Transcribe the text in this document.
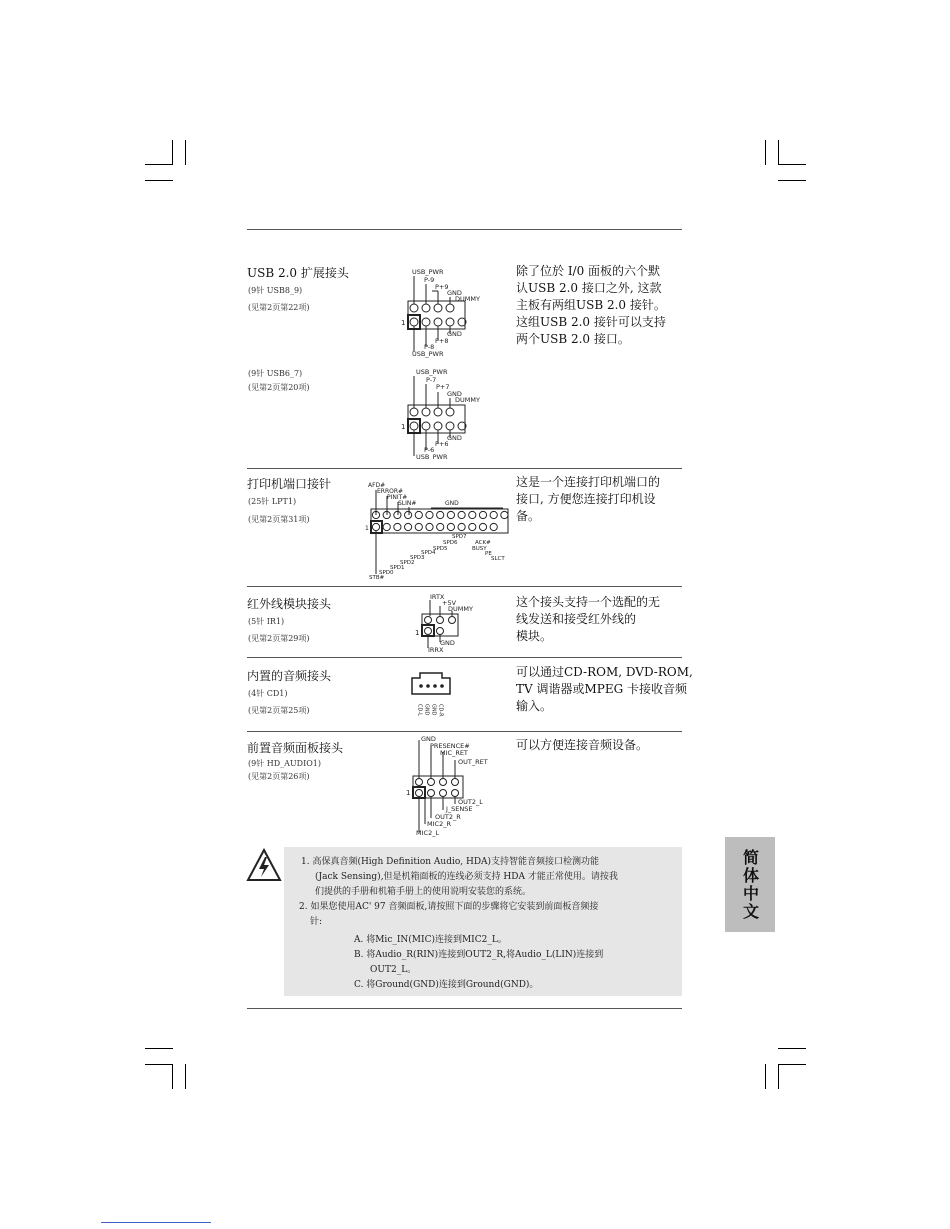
USB 2.0 扩展接头
(9针 USB8_9)
(见第2页第22项)
(9针 USB6_7)
(见第2页第20项)
除了位於 I/0 面板的六个默
认USB 2.0 接口之外, 这款
主板有两组USB 2.0 接针。
这组USB 2.0 接针可以支持
两个USB 2.0 接口。
USB_PWR
P-9
P+9
GND
DUMMY
GND
P+8
P-8
USB_PWR
1
USB_PWR
P-7
P+7
GND
DUMMY
GND
P+6
P-6
USB_PWR
1
打印机端口接针
(25针 LPT1)
(见第2页第31项)
这是一个连接打印机端口的
接口, 方便您连接打印机设
备。
AFD#
ERROR#
PINIT#
SLIN#	GND
SPD7
ACK#
SPD6
BUSY
SPD5
PE
SPD4
SLCT
SPD3
SPD2
SPD1
SPD0
STB#
1
红外线模块接头
(5针 IR1)
(见第2页第29项)
这个接头支持一个选配的无
线发送和接受红外线的
模块。
IRTX
+5V
DUMMY
GND
IRRX
1
内置的音频接头
(4针 CD1)
(见第2页第25项)
可以通过CD-ROM, DVD-ROM,
TV 调谐器或MPEG 卡接收音频
输入。
CD-L GND GND CD-R
前置音频面板接头
(9针 HD_AUDIO1)
(见第2页第26项)
可以方便连接音频设备。
GND
PRESENCE#
MIC_RET
OUT_RET
OUT2_L
J_SENSE
OUT2_R
MIC2_R
MIC2_L
1
1. 高保真音频(High Definition Audio, HDA)支持智能音频接口检测功能
(Jack Sensing),但是机箱面板的连线必须支持 HDA 才能正常使用。请按我
们提供的手册和机箱手册上的使用说明安装您的系统。
2. 如果您使用AC' 97 音频面板,请按照下面的步骤将它安装到前面板音频接
针:
A. 将Mic_IN(MIC)连接到MIC2_L。
B. 将Audio_R(RIN)连接到OUT2_R,将Audio_L(LIN)连接到
OUT2_L。
C. 将Ground(GND)连接到Ground(GND)。
简体中文
